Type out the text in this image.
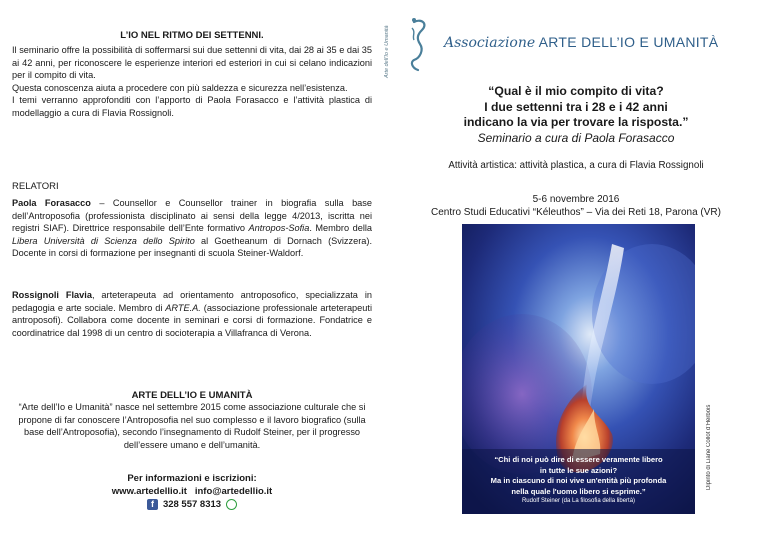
L’IO NEL RITMO DEI SETTENNI.

Il seminario offre la possibilità di soffermarsi sui due settenni di vita, dai 28 ai 35 e dai 35 ai 42 anni, per riconoscere le esperienze interiori ed esteriori in cui si celano indicazioni per il compito di vita.

Questa conoscenza aiuta a procedere con più saldezza e sicurezza nell’esistenza.

I temi verranno approfonditi con l’apporto di Paola Forasacco e l’attività plastica di modellaggio a cura di Flavia Rossignoli.

RELATORI

Paola Forasacco – Counsellor e Counsellor trainer in biografia sulla base dell’Antroposofia (professionista disciplinato ai sensi della legge 4/2013, iscritta nei registri SIAF). Direttrice responsabile dell’Ente formativo Antropos-Sofia. Membro della Libera Università di Scienza dello Spirito al Goetheanum di Dornach (Svizzera). Docente in corsi di formazione per insegnanti di scuola Steiner-Waldorf.

Rossignoli Flavia, arteterapeuta ad orientamento antroposofico, specializzata in pedagogia e arte sociale. Membro di ARTE.A. (associazione professionale arteterapeuti antroposofi). Collabora come docente in seminari e corsi di formazione. Fondatrice e coordinatrice dal 1998 di un centro di socioterapia a Villafranca di Verona.

ARTE DELL’IO E UMANITÀ

“Arte dell’Io e Umanità” nasce nel settembre 2015 come associazione culturale che si propone di far conoscere l’Antroposofia nel suo complesso e il lavoro biografico (sulla base dell’Antroposofia), secondo l’insegnamento di Rudolf Steiner, per il progresso dell’essere umano e dell’umanità.

Per informazioni e iscrizioni:
www.artedellio.it   info@artedellio.it
f 328 557 8313
Arte dell’Io e Umanità	Associazione ARTE DELL’IO E UMANITÀ
“Qual è il mio compito di vita?
I due settenni tra i 28 e i 42 anni
indicano la via per trovare la risposta.”
Seminario a cura di Paola Forasacco
Attività artistica: attività plastica, a cura di Flavia Rossignoli
5-6 novembre 2016
Centro Studi Educativi “Kéleuthos” – Via dei Reti 18, Parona (VR)
“Chi di noi può dire di essere veramente libero
in tutte le sue azioni?
Ma in ciascuno di noi vive un'entità più profonda
nella quale l'uomo libero si esprime.”
Rudolf Steiner (da La filosofia della libertà)
Dipinto di Liane Collot d’Herbois
